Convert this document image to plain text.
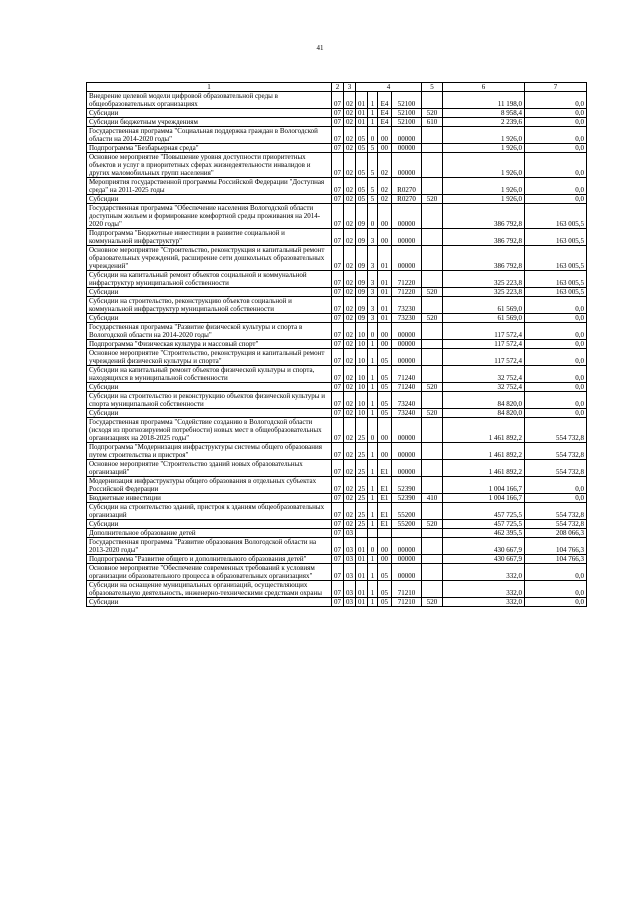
41
1	2	3	4				5	6	7
Внедрение целевой модели цифровой образовательной среды в общеобразовательных организациях	07	02	01	1	E4	52100		11 198,0	0,0
Субсидии	07	02	01	1	E4	52100	520	8 958,4	0,0
Субсидии бюджетным учреждениям	07	02	01	1	E4	52100	610	2 239,6	0,0
Государственная программа "Социальная поддержка граждан в Вологодской области на 2014-2020 годы"	07	02	05	0	00	00000		1 926,0	0,0
Подпрограмма "Безбарьерная среда"	07	02	05	5	00	00000		1 926,0	0,0
Основное мероприятие "Повышение уровня доступности приоритетных объектов и услуг в приоритетных сферах жизнедеятельности инвалидов и других маломобильных групп населения"	07	02	05	5	02	00000		1 926,0	0,0
Мероприятия государственной программы Российской Федерации "Доступная среда" на 2011-2025 годы	07	02	05	5	02	R0270		1 926,0	0,0
Субсидии	07	02	05	5	02	R0270	520	1 926,0	0,0
Государственная программа "Обеспечение населения Вологодской области доступным жильем и формирование комфортной среды проживания на 2014-2020 годы"	07	02	09	0	00	00000		386 792,8	163 005,5
Подпрограмма "Бюджетные инвестиции в развитие социальной и коммунальной инфраструктур"	07	02	09	3	00	00000		386 792,8	163 005,5
Основное мероприятие "Строительство, реконструкция и капитальный ремонт образовательных учреждений, расширение сети дошкольных образовательных учреждений"	07	02	09	3	01	00000		386 792,8	163 005,5
Субсидии на капитальный ремонт объектов социальной и коммунальной инфраструктур муниципальной собственности	07	02	09	3	01	71220		325 223,8	163 005,5
Субсидии	07	02	09	3	01	71220	520	325 223,8	163 005,5
Субсидии на строительство, реконструкцию объектов социальной и коммунальной инфраструктур муниципальной собственности	07	02	09	3	01	73230		61 569,0	0,0
Субсидии	07	02	09	3	01	73230	520	61 569,0	0,0
Государственная программа "Развитие физической культуры и спорта в Вологодской области на 2014-2020 годы"	07	02	10	0	00	00000		117 572,4	0,0
Подпрограмма "Физическая культура и массовый спорт"	07	02	10	1	00	00000		117 572,4	0,0
Основное мероприятие "Строительство, реконструкция и капитальный ремонт учреждений физической культуры и спорта"	07	02	10	1	05	00000		117 572,4	0,0
Субсидии на капитальный ремонт объектов физической культуры и спорта, находящихся в муниципальной собственности	07	02	10	1	05	71240		32 752,4	0,0
Субсидии	07	02	10	1	05	71240	520	32 752,4	0,0
Субсидии на строительство и реконструкцию объектов физической культуры и спорта муниципальной собственности	07	02	10	1	05	73240		84 820,0	0,0
Субсидии	07	02	10	1	05	73240	520	84 820,0	0,0
Государственная программа "Содействие созданию в Вологодской области (исходя из прогнозируемой потребности) новых мест в общеобразовательных организациях на 2018-2025 годы"	07	02	25	0	00	00000		1 461 892,2	554 732,8
Подпрограмма "Модернизация инфраструктуры системы общего образования путем строительства и пристроя"	07	02	25	1	00	00000		1 461 892,2	554 732,8
Основное мероприятие "Строительство зданий новых образовательных организаций"	07	02	25	1	E1	00000		1 461 892,2	554 732,8
Модернизация инфраструктуры общего образования в отдельных субъектах Российской Федерации	07	02	25	1	E1	52390		1 004 166,7	0,0
Бюджетные инвестиции	07	02	25	1	E1	52390	410	1 004 166,7	0,0
Субсидии на строительство зданий, пристроя к зданиям общеобразовательных организаций	07	02	25	1	E1	55200		457 725,5	554 732,8
Субсидии	07	02	25	1	E1	55200	520	457 725,5	554 732,8
Дополнительное образование детей	07	03						462 395,5	208 066,3
Государственная программа "Развитие образования Вологодской области на 2013-2020 годы"	07	03	01	0	00	00000		430 667,9	104 766,3
Подпрограмма "Развитие общего и дополнительного образования детей"	07	03	01	1	00	00000		430 667,9	104 766,3
Основное мероприятие "Обеспечение современных требований к условиям организации образовательного процесса в образовательных организациях"	07	03	01	1	05	00000		332,0	0,0
Субсидии на оснащение муниципальных организаций, осуществляющих образовательную деятельность, инженерно-техническими средствами охраны	07	03	01	1	05	71210		332,0	0,0
Субсидии	07	03	01	1	05	71210	520	332,0	0,0
